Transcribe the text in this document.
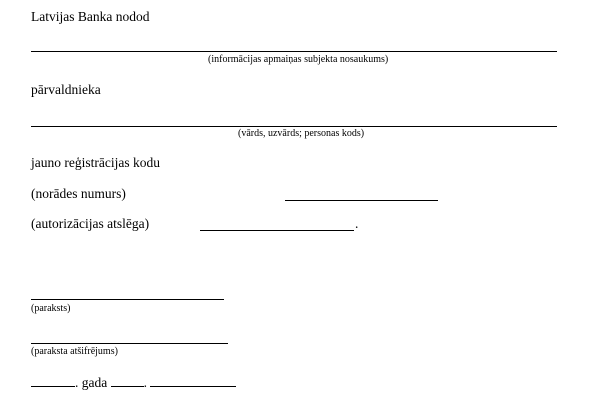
Latvijas Banka nodod
(informācijas apmaiņas subjekta nosaukums)
pārvaldnieka
(vārds, uzvārds; personas kods)
jauno reģistrācijas kodu
(norādes numurs)
(autorizācijas atslēga)	.
(paraksts)
(paraksta atšifrējums)
. gada	.
